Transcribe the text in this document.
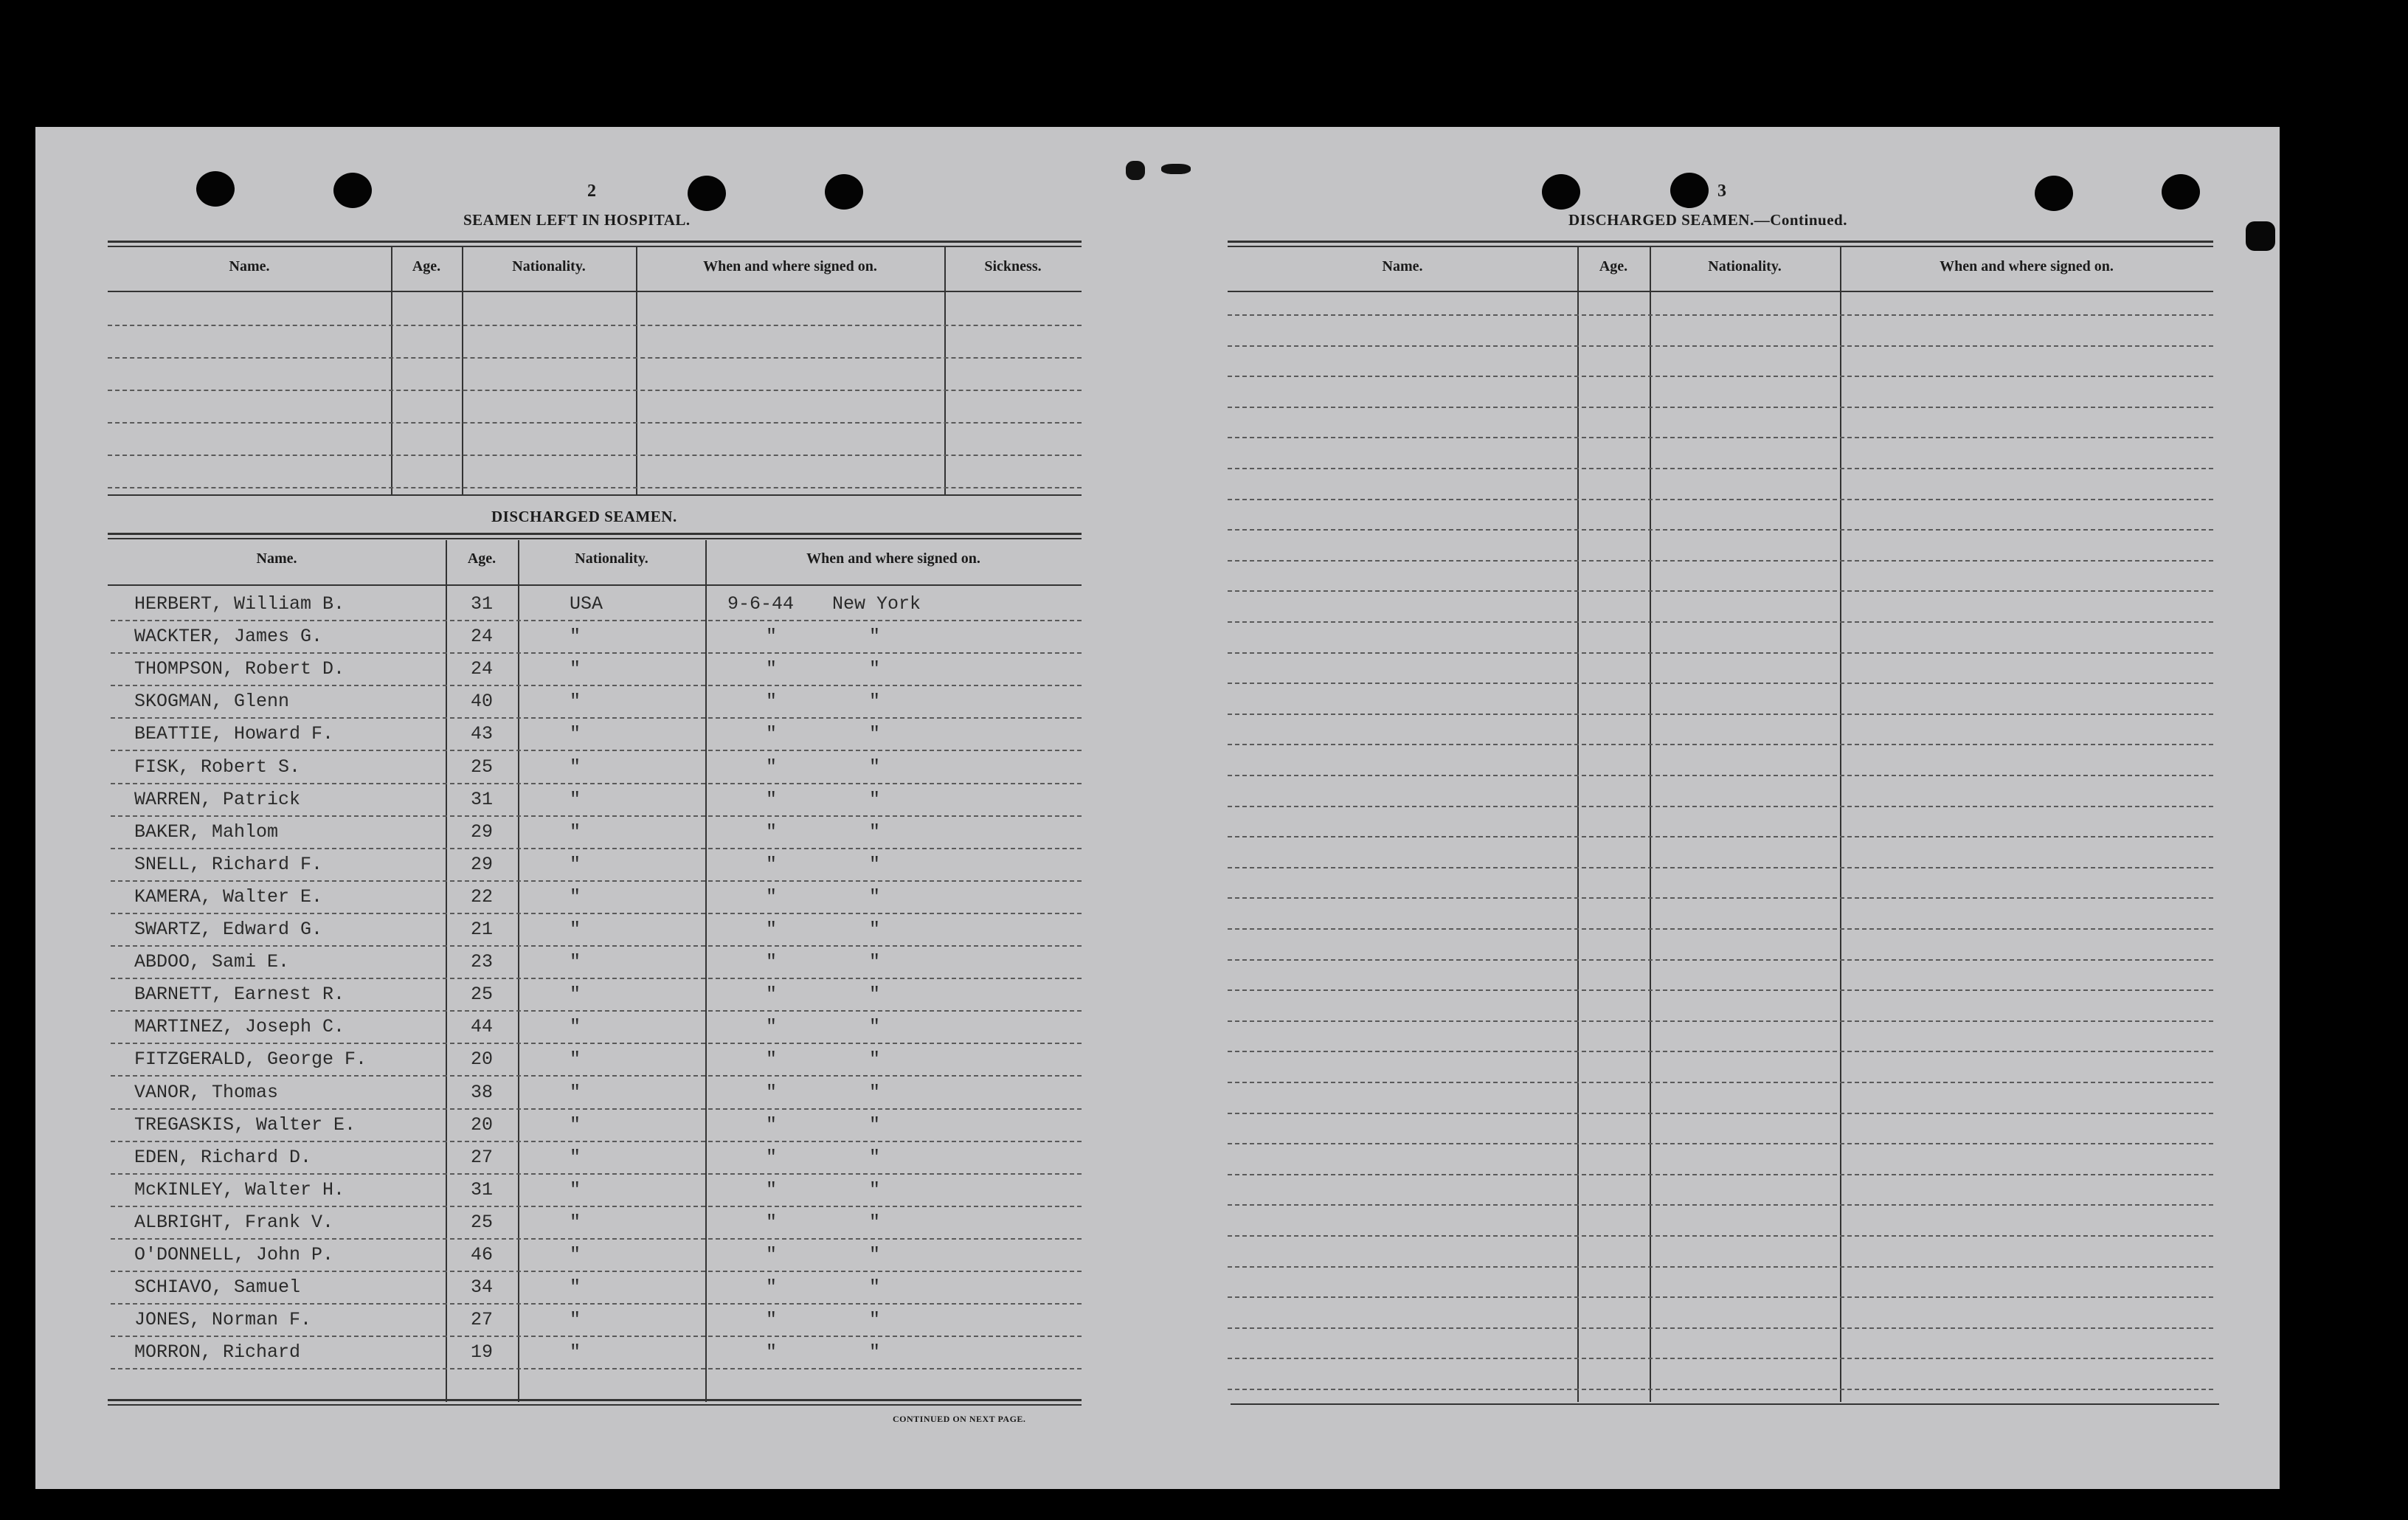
2
SEAMEN LEFT IN HOSPITAL.
Name.	Age.	Nationality.	When and where signed on.	Sickness.
DISCHARGED SEAMEN.
Name.	Age.	Nationality.	When and where signed on.
HERBERT, William B.	31	USA	9-6-44 New York
WACKTER, James G.	24	"	"	"
THOMPSON, Robert D.	24	"	"	"
SKOGMAN, Glenn	40	"	"	"
BEATTIE, Howard F.	43	"	"	"
FISK, Robert S.	25	"	"	"
WARREN, Patrick	31	"	"	"
BAKER, Mahlom	29	"	"	"
SNELL, Richard F.	29	"	"	"
KAMERA, Walter E.	22	"	"	"
SWARTZ, Edward G.	21	"	"	"
ABDOO, Sami E.	23	"	"	"
BARNETT, Earnest R.	25	"	"	"
MARTINEZ, Joseph C.	44	"	"	"
FITZGERALD, George F.	20	"	"	"
VANOR, Thomas	38	"	"	"
TREGASKIS, Walter E.	20	"	"	"
EDEN, Richard D.	27	"	"	"
McKINLEY, Walter H.	31	"	"	"
ALBRIGHT, Frank V.	25	"	"	"
O'DONNELL, John P.	46	"	"	"
SCHIAVO, Samuel	34	"	"	"
JONES, Norman F.	27	"	"	"
MORRON, Richard	19	"	"	"
CONTINUED ON NEXT PAGE.
3
DISCHARGED SEAMEN.—Continued.
Name.	Age.	Nationality.	When and where signed on.
